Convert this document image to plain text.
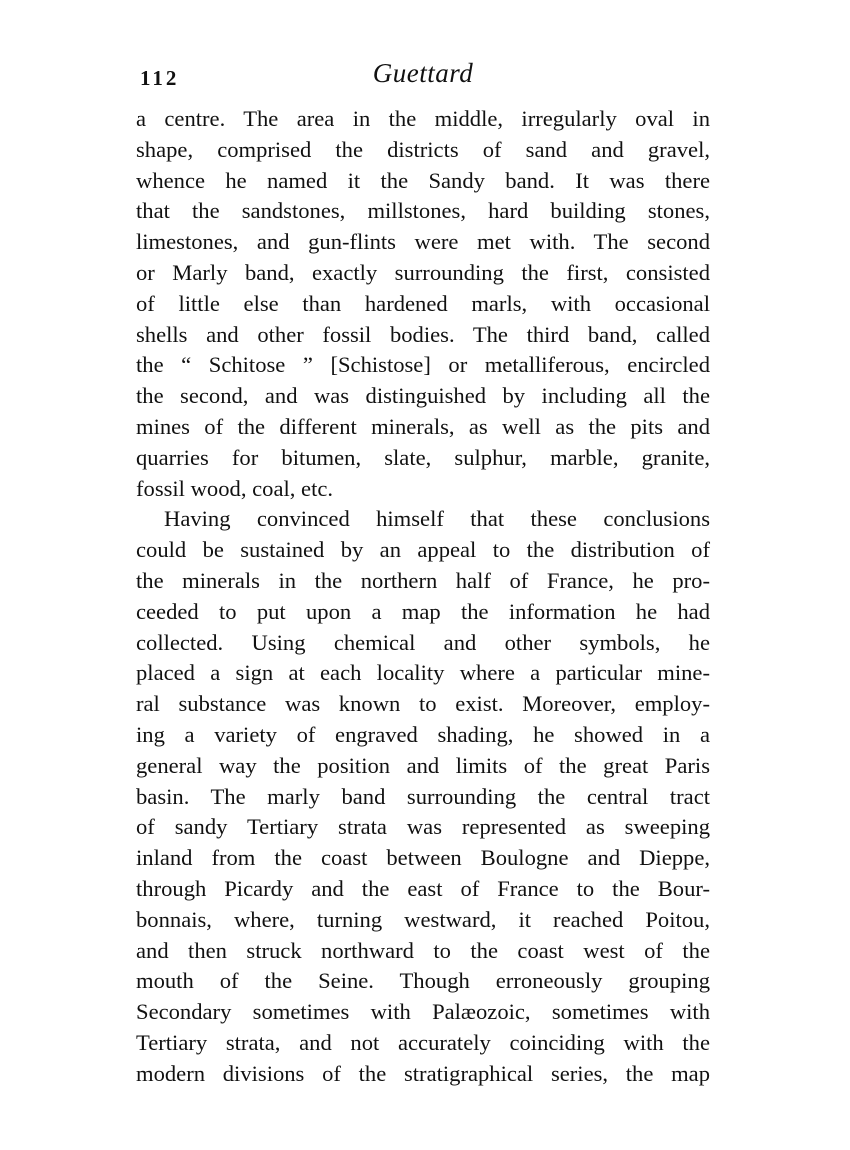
112	Guettard
a centre. The area in the middle, irregularly oval in
shape, comprised the districts of sand and gravel,
whence he named it the Sandy band. It was there
that the sandstones, millstones, hard building stones,
limestones, and gun-flints were met with. The second
or Marly band, exactly surrounding the first, consisted
of little else than hardened marls, with occasional
shells and other fossil bodies. The third band, called
the “ Schitose ” [Schistose] or metalliferous, encircled
the second, and was distinguished by including all the
mines of the different minerals, as well as the pits and
quarries for bitumen, slate, sulphur, marble, granite,
fossil wood, coal, etc.
Having convinced himself that these conclusions
could be sustained by an appeal to the distribution of
the minerals in the northern half of France, he pro-
ceeded to put upon a map the information he had
collected. Using chemical and other symbols, he
placed a sign at each locality where a particular mine-
ral substance was known to exist. Moreover, employ-
ing a variety of engraved shading, he showed in a
general way the position and limits of the great Paris
basin. The marly band surrounding the central tract
of sandy Tertiary strata was represented as sweeping
inland from the coast between Boulogne and Dieppe,
through Picardy and the east of France to the Bour-
bonnais, where, turning westward, it reached Poitou,
and then struck northward to the coast west of the
mouth of the Seine. Though erroneously grouping
Secondary sometimes with Palæozoic, sometimes with
Tertiary strata, and not accurately coinciding with the
modern divisions of the stratigraphical series, the map
